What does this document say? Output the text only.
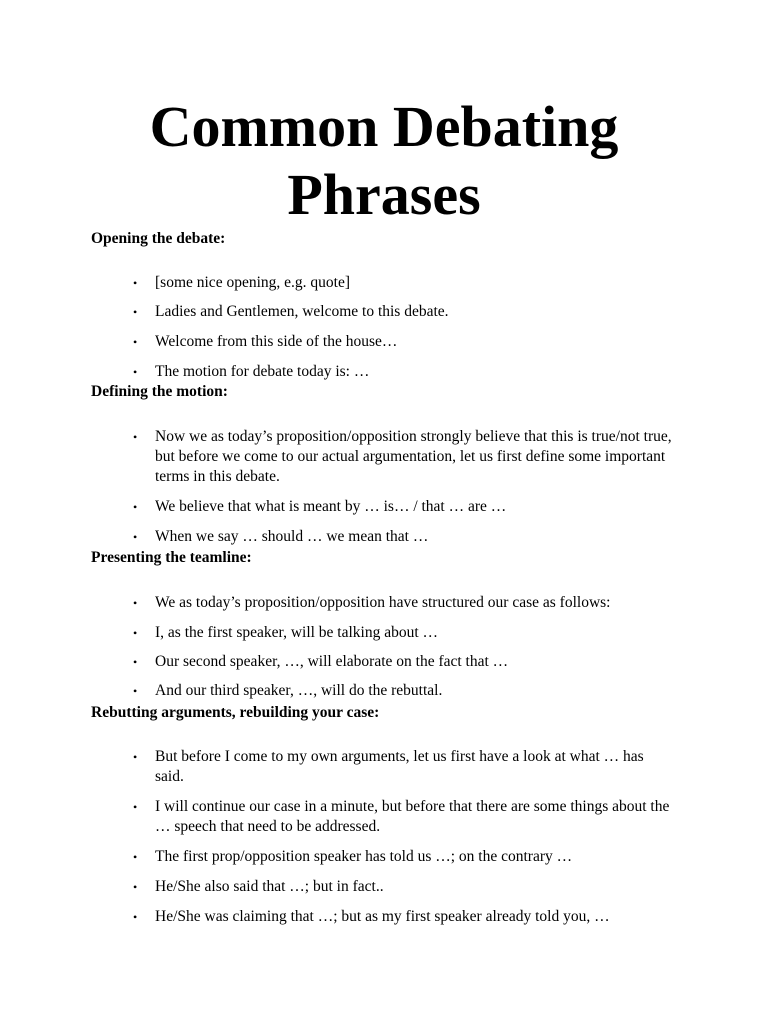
Common Debating
Phrases

Opening the debate:

•	[some nice opening, e.g. quote]
•	Ladies and Gentlemen, welcome to this debate.
•	Welcome from this side of the house…
•	The motion for debate today is: …

Defining the motion:

•	Now we as today’s proposition/opposition strongly believe that this is true/not true, but before we come to our actual argumentation, let us first define some important terms in this debate.
•	We believe that what is meant by … is… / that … are …
•	When we say … should … we mean that …

Presenting the teamline:

•	We as today’s proposition/opposition have structured our case as follows:
•	I, as the first speaker, will be talking about …
•	Our second speaker, …, will elaborate on the fact that …
•	And our third speaker, …, will do the rebuttal.

Rebutting arguments, rebuilding your case:

•	But before I come to my own arguments, let us first have a look at what … has said.
•	I will continue our case in a minute, but before that there are some things about the … speech that need to be addressed.
•	The first prop/opposition speaker has told us …; on the contrary …
•	He/She also said that …; but in fact..
•	He/She was claiming that …; but as my first speaker already told you, …
